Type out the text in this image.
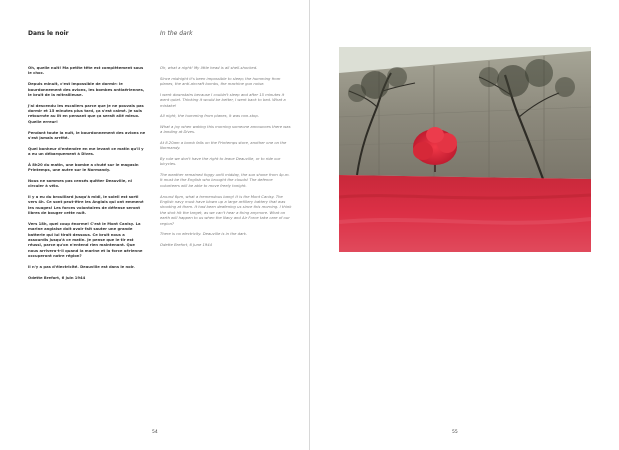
Dans le noir
Oh, quelle nuit! Ma petite tête est complètement sous le choc.
Depuis minuit, c'est impossible de dormir: le bourdonnement des avions, les bombes antiaériennes, le bruit de la mitrailleuse.
J'ai descendu les escaliers parce que je ne pouvais pas dormir et 15 minutes plus tard, ça s'est calmé. Je suis retournée au lit en pensant que ça serait allé mieux. Quelle erreur!
Pendant toute la nuit, le bourdonnement des avions ne s'est jamais arrêté.
Quel bonheur d'entendre en me levant ce matin qu'il y a eu un débarquement à Dives.
À 8h20 du matin, une bombe a chuté sur le magasin Printemps, une autre sur le Normandy.
Nous ne sommes pas censés quitter Deauville, ni circuler à vélo.
Il y a eu du brouillard jusqu'à midi, le soleil est sorti vers 4h. Ce sont peut-être les Anglais qui ont emmené les nuages! Les forces volontaires de défense seront libres de bouger cette nuit.
Vers 18h, quel coup énorme! C'est le Mont Canisy. La marine anglaise doit avoir fait sauter une grande batterie qui lui tirait dessous. Ce bruit nous a assourdis jusqu'à ce matin. Je pense que le tir est réussi, parce qu'on n'entend rien maintenant. Que nous arrivera-t-il quand la marine et la force aérienne occuperont notre région?
Il n'y a pas d'électricité. Deauville est dans le noir.
Odette Brefort, 6 juin 1944
In the dark
Oh, what a night! My little head is all shell-shocked.
Since midnight it's been impossible to sleep; the humming from planes, the anti-aircraft bombs, the machine gun noise.
I went downstairs because I couldn't sleep and after 15 minutes it went quiet. Thinking it would be better, I went back to bed. What a mistake!
All night, the humming from planes, it was non-stop.
What a joy when waking this morning someone announces there was a landing at Dives.
At 8.20am a bomb falls on the Printemps store, another one on the Normandy.
By rule we don't have the right to leave Deauville, or to ride our bicycles.
The weather remained foggy until midday, the sun shone from 4p.m. It must be the English who brought the clouds! The defence volunteers will be able to move freely tonight.
Around 6pm, what a tremendous bang! It is the Mont Canisy. The English navy must have blown up a large artillery battery that was shooting at them. It had been deafening us since this morning. I think the shot hit the target, as we can't hear a thing anymore. What on earth will happen to us when the Navy and Air Force take care of our region?
There is no electricity. Deauville is in the dark.
Odette Brefort, 6 June 1944
54	55
